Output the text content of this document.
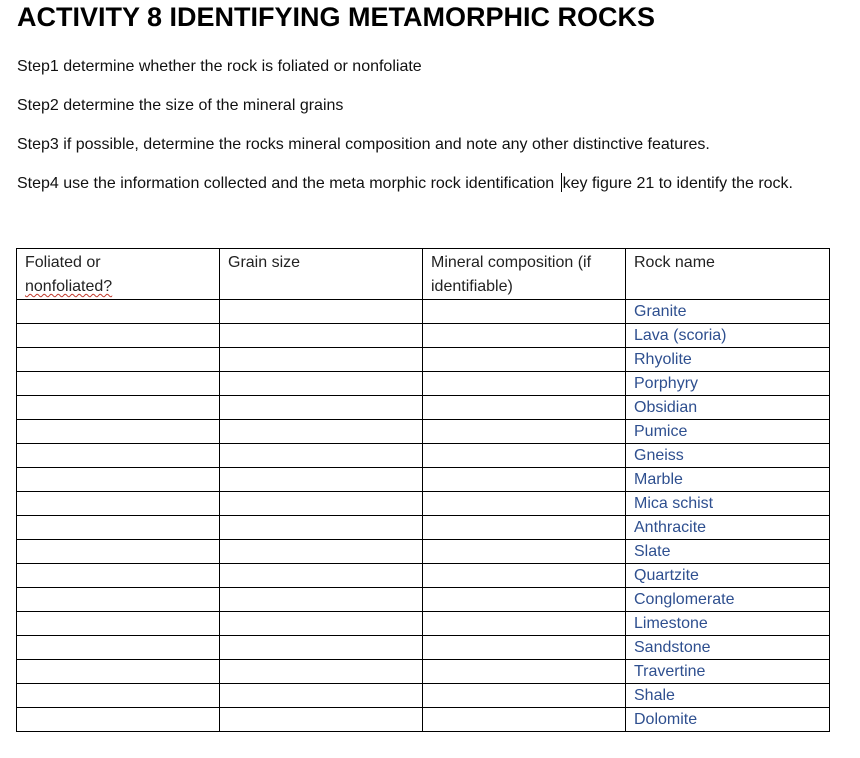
ACTIVITY 8 IDENTIFYING METAMORPHIC ROCKS
Step1 determine whether the rock is foliated or nonfoliate
Step2 determine the size of the mineral grains
Step3 if possible, determine the rocks mineral composition and note any other distinctive features.
Step4 use the information collected and the meta morphic rock identification key figure 21 to identify the rock.
Foliated or
nonfoliated?	Grain size	Mineral composition (if identifiable)	Rock name
			Granite
			Lava (scoria)
			Rhyolite
			Porphyry
			Obsidian
			Pumice
			Gneiss
			Marble
			Mica schist
			Anthracite
			Slate
			Quartzite
			Conglomerate
			Limestone
			Sandstone
			Travertine
			Shale
			Dolomite
